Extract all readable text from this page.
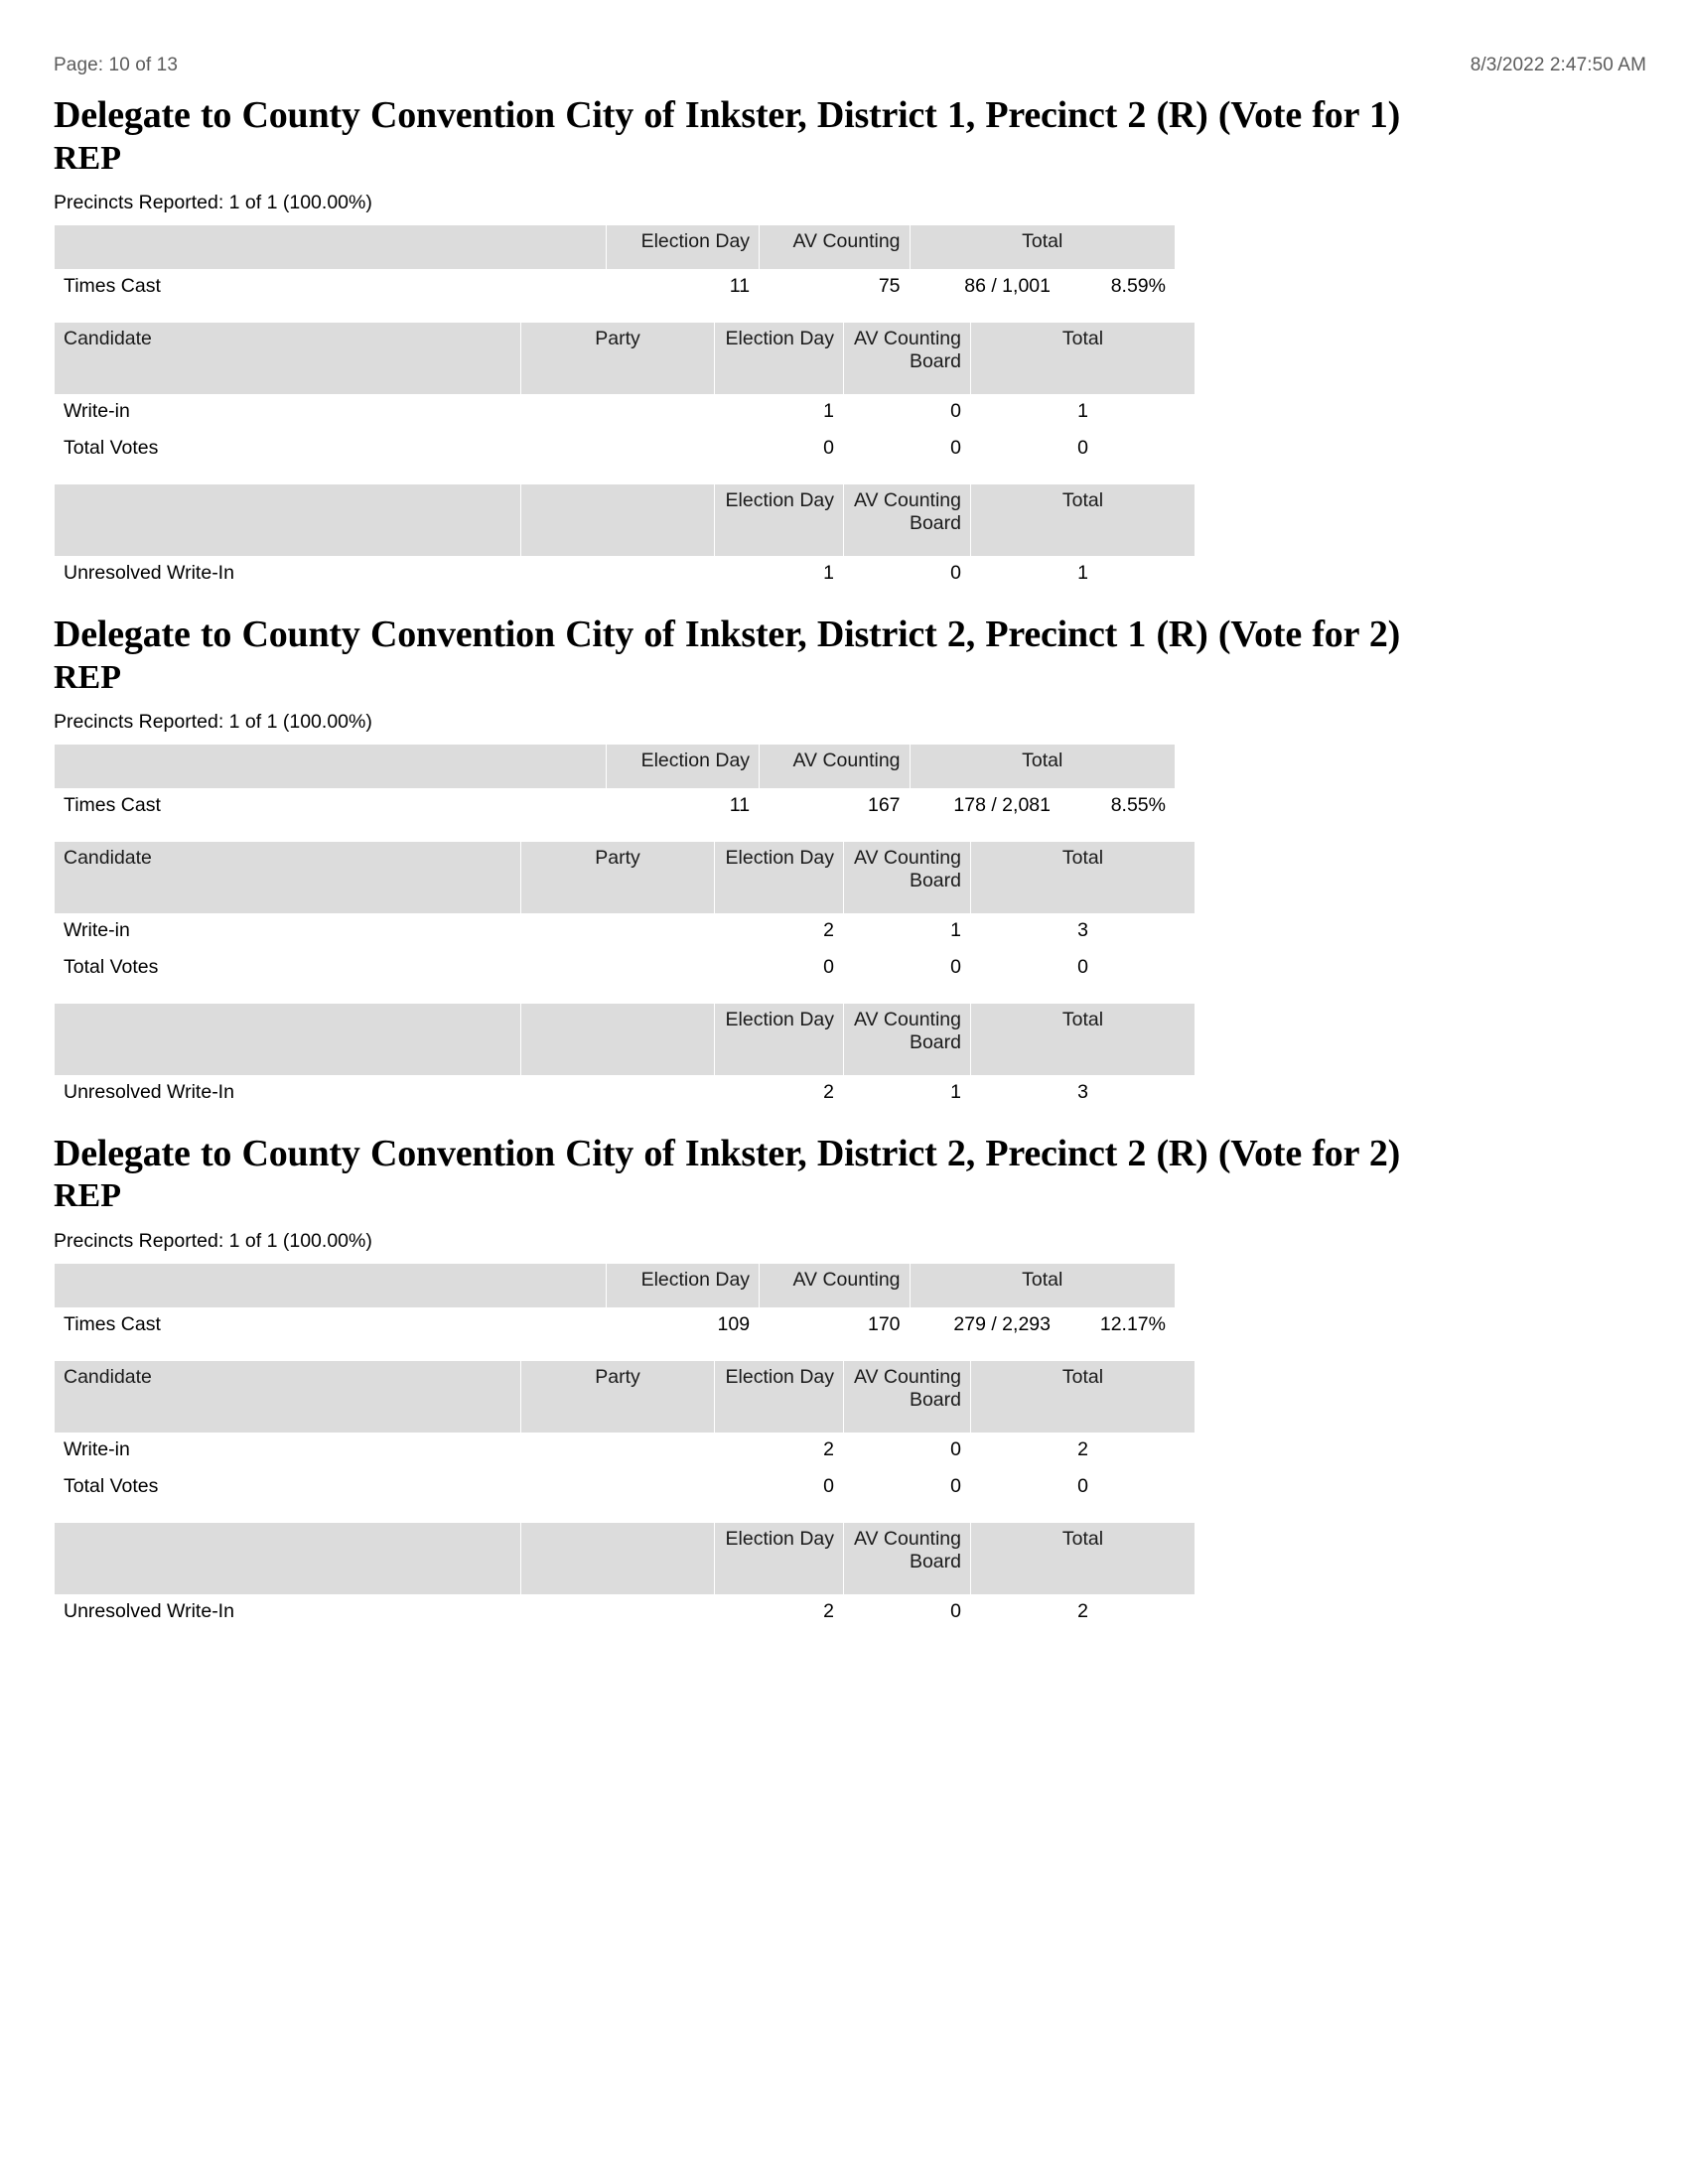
Page: 10 of 13	8/3/2022 2:47:50 AM
Delegate to County Convention City of Inkster, District 1, Precinct 2 (R) (Vote for 1)
REP
Precincts Reported: 1 of 1 (100.00%)
	Election Day	AV Counting	Total	
Times Cast	11	75	86 / 1,001	8.59%
Candidate	Party	Election Day	AV Counting Board	Total	
Write-in		1	0	1	
Total Votes		0	0	0	
		Election Day	AV Counting Board	Total	
Unresolved Write-In		1	0	1	
Delegate to County Convention City of Inkster, District 2, Precinct 1 (R) (Vote for 2)
REP
Precincts Reported: 1 of 1 (100.00%)
	Election Day	AV Counting	Total	
Times Cast	11	167	178 / 2,081	8.55%
Candidate	Party	Election Day	AV Counting Board	Total	
Write-in		2	1	3	
Total Votes		0	0	0	
		Election Day	AV Counting Board	Total	
Unresolved Write-In		2	1	3	
Delegate to County Convention City of Inkster, District 2, Precinct 2 (R) (Vote for 2)
REP
Precincts Reported: 1 of 1 (100.00%)
	Election Day	AV Counting	Total	
Times Cast	109	170	279 / 2,293	12.17%
Candidate	Party	Election Day	AV Counting Board	Total	
Write-in		2	0	2	
Total Votes		0	0	0	
		Election Day	AV Counting Board	Total	
Unresolved Write-In		2	0	2	
